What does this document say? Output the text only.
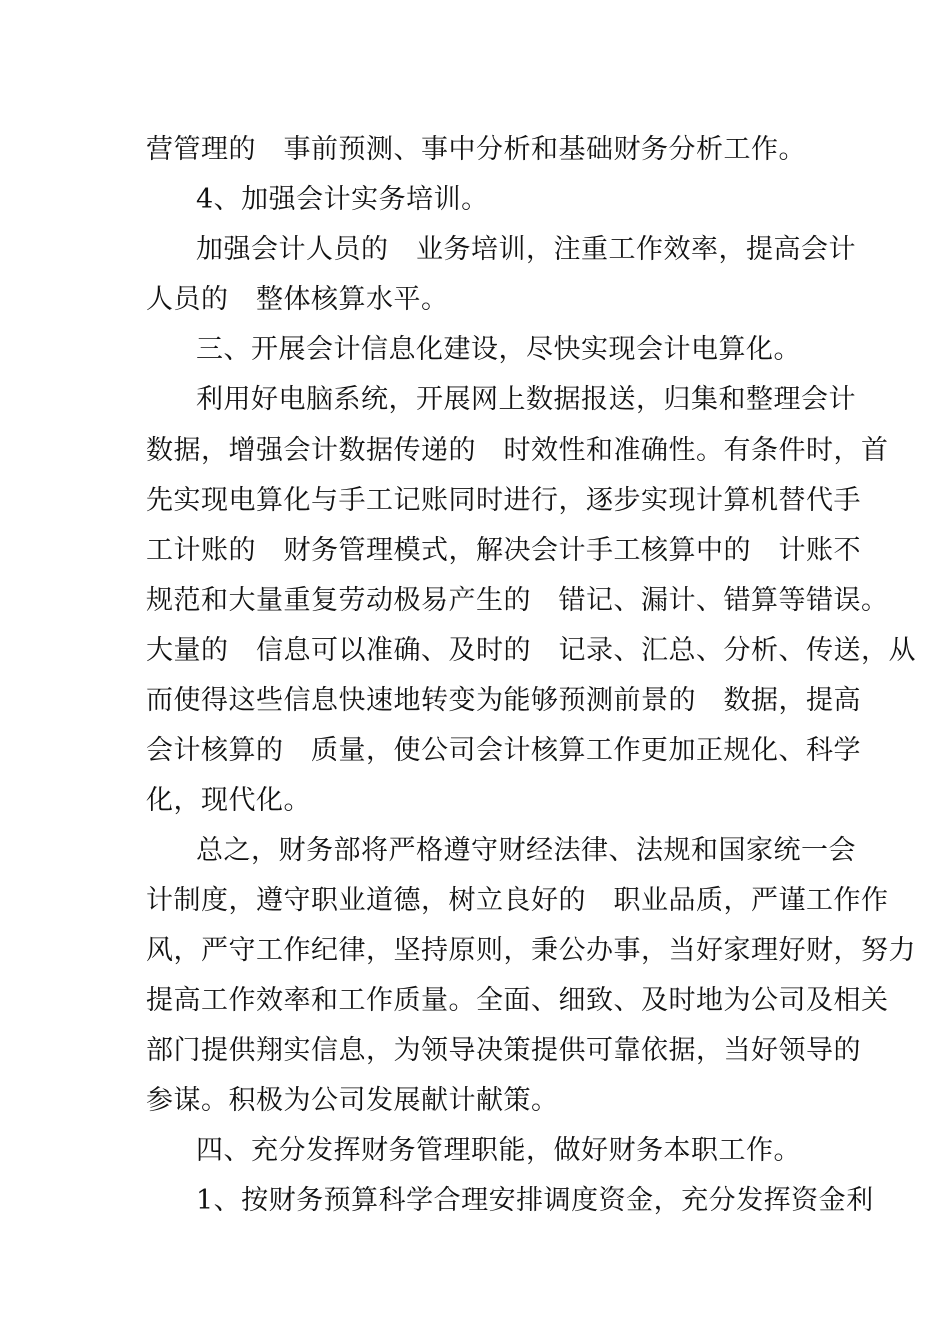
营管理的　事前预测、事中分析和基础财务分析工作。
4、加强会计实务培训。
加强会计人员的　业务培训，注重工作效率，提高会计
人员的　整体核算水平。
三、开展会计信息化建设，尽快实现会计电算化。
利用好电脑系统，开展网上数据报送，归集和整理会计
数据，增强会计数据传递的　时效性和准确性。有条件时，首
先实现电算化与手工记账同时进行，逐步实现计算机替代手
工计账的　财务管理模式，解决会计手工核算中的　计账不
规范和大量重复劳动极易产生的　错记、漏计、错算等错误。
大量的　信息可以准确、及时的　记录、汇总、分析、传送，从
而使得这些信息快速地转变为能够预测前景的　数据，提高
会计核算的　质量，使公司会计核算工作更加正规化、科学
化，现代化。
总之，财务部将严格遵守财经法律、法规和国家统一会
计制度，遵守职业道德，树立良好的　职业品质，严谨工作作
风，严守工作纪律，坚持原则，秉公办事，当好家理好财，努力
提高工作效率和工作质量。全面、细致、及时地为公司及相关
部门提供翔实信息，为领导决策提供可靠依据，当好领导的
参谋。积极为公司发展献计献策。
四、充分发挥财务管理职能，做好财务本职工作。
1、按财务预算科学合理安排调度资金，充分发挥资金利
